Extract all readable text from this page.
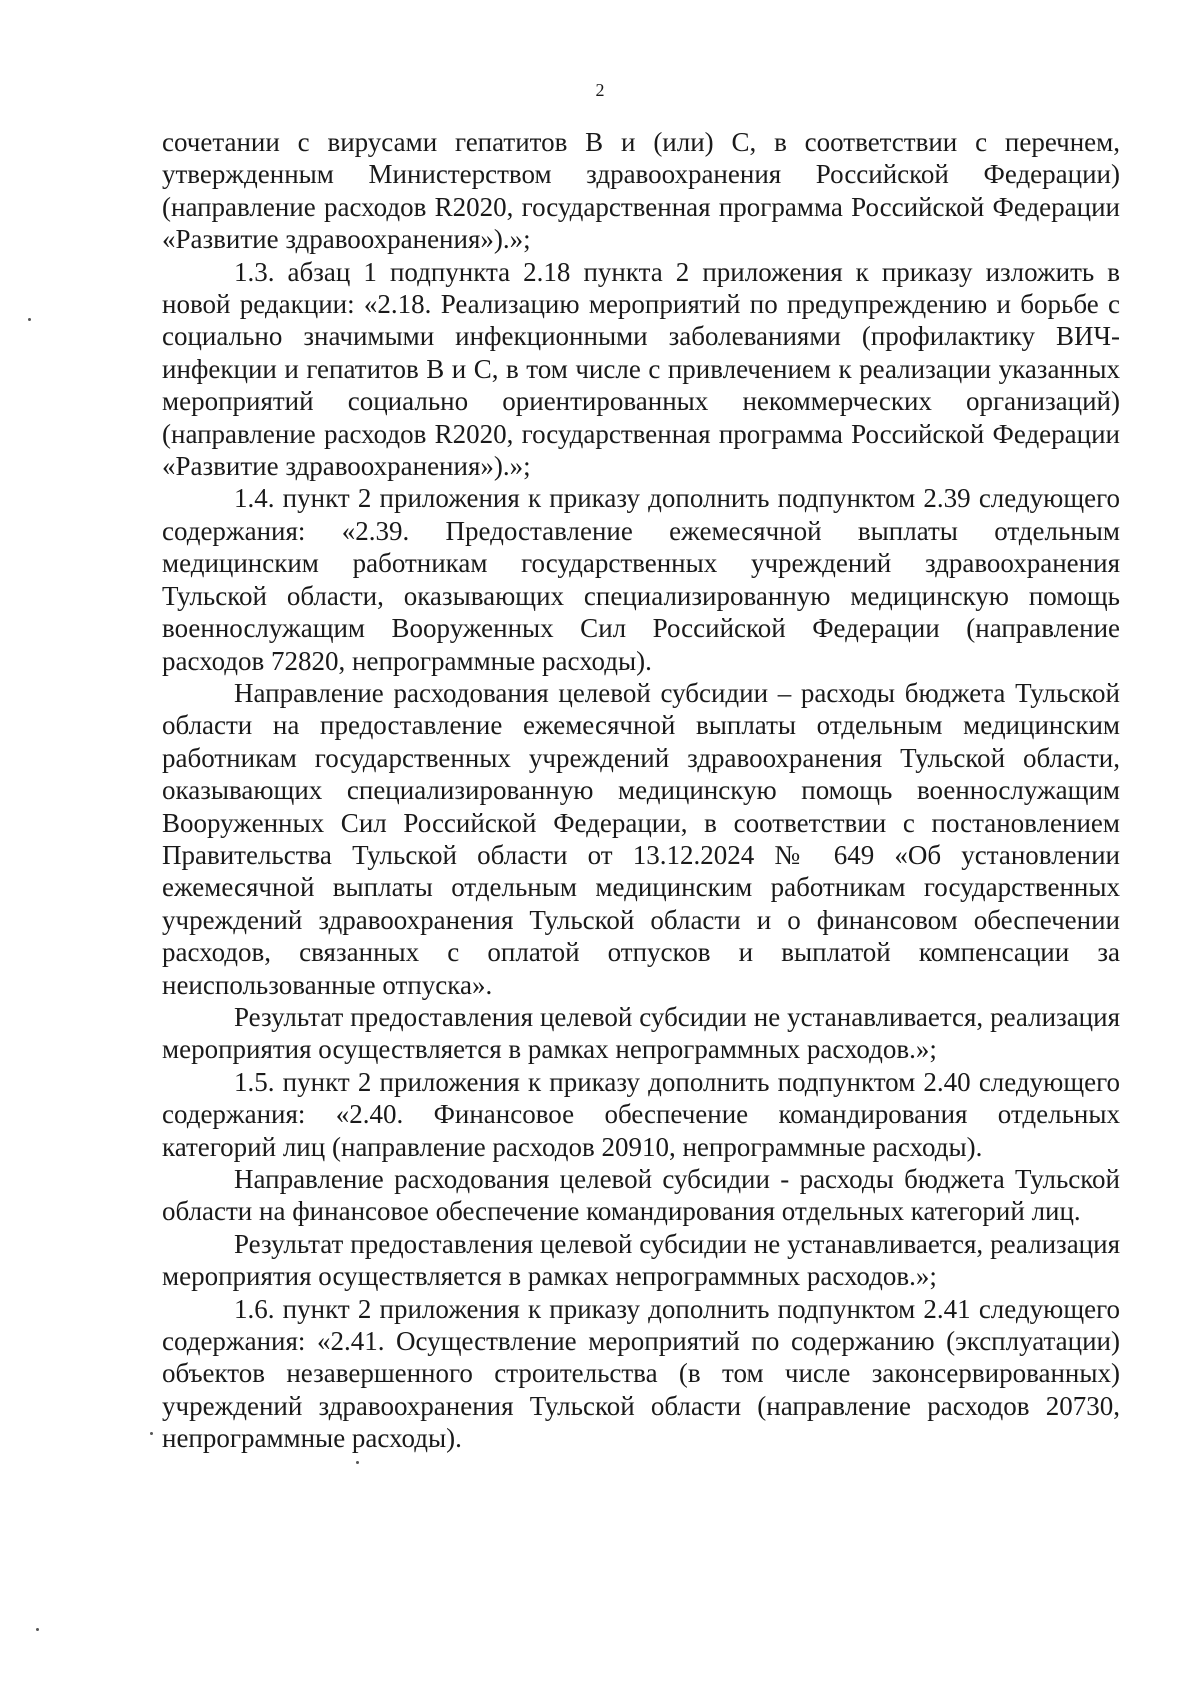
2

сочетании с вирусами гепатитов В и (или) С, в соответствии с перечнем, утвержденным Министерством здравоохранения Российской Федерации) (направление расходов R2020, государственная программа Российской Федерации «Развитие здравоохранения»).»;

1.3. абзац 1 подпункта 2.18 пункта 2 приложения к приказу изложить в новой редакции: «2.18. Реализацию мероприятий по предупреждению и борьбе с социально значимыми инфекционными заболеваниями (профилактику ВИЧ-инфекции и гепатитов В и С, в том числе с привлечением к реализации указанных мероприятий социально ориентированных некоммерческих организаций) (направление расходов R2020, государственная программа Российской Федерации «Развитие здравоохранения»).»;

1.4. пункт 2 приложения к приказу дополнить подпунктом 2.39 следующего содержания: «2.39. Предоставление ежемесячной выплаты отдельным медицинским работникам государственных учреждений здравоохранения Тульской области, оказывающих специализированную медицинскую помощь военнослужащим Вооруженных Сил Российской Федерации (направление расходов 72820, непрограммные расходы).

Направление расходования целевой субсидии – расходы бюджета Тульской области на предоставление ежемесячной выплаты отдельным медицинским работникам государственных учреждений здравоохранения Тульской области, оказывающих специализированную медицинскую помощь военнослужащим Вооруженных Сил Российской Федерации, в соответствии с постановлением Правительства Тульской области от 13.12.2024 № 649 «Об установлении ежемесячной выплаты отдельным медицинским работникам государственных учреждений здравоохранения Тульской области и о финансовом обеспечении расходов, связанных с оплатой отпусков и выплатой компенсации за неиспользованные отпуска».

Результат предоставления целевой субсидии не устанавливается, реализация мероприятия осуществляется в рамках непрограммных расходов.»;

1.5. пункт 2 приложения к приказу дополнить подпунктом 2.40 следующего содержания: «2.40. Финансовое обеспечение командирования отдельных категорий лиц (направление расходов 20910, непрограммные расходы).

Направление расходования целевой субсидии - расходы бюджета Тульской области на финансовое обеспечение командирования отдельных категорий лиц.

Результат предоставления целевой субсидии не устанавливается, реализация мероприятия осуществляется в рамках непрограммных расходов.»;

1.6. пункт 2 приложения к приказу дополнить подпунктом 2.41 следующего содержания: «2.41. Осуществление мероприятий по содержанию (эксплуатации) объектов незавершенного строительства (в том числе законсервированных) учреждений здравоохранения Тульской области (направление расходов 20730, непрограммные расходы).
